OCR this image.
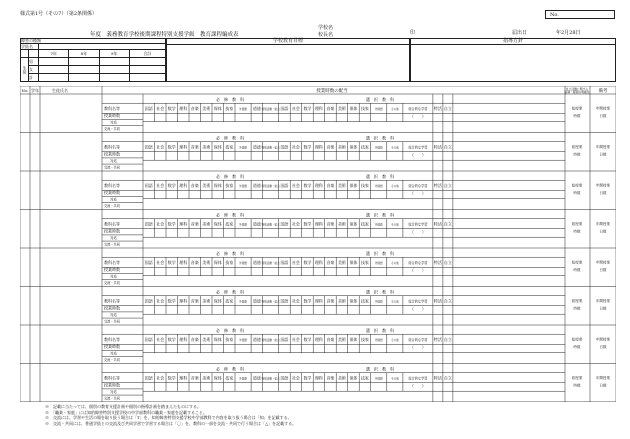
様式第1号（その7）（第2条関係）	No.
年度　義務教育学校後期課程特別支援学級　教育課程編成表
学校名
校長名	印	届出日	年2月28日
障害の種類					
学級名					
		7年	8年	9年	合計
生徒	男				
	女				
	計				
学校教育目標	指導方針
No. 学年	生徒氏名	授業時数の配当	自立活動に関する
指導・時間の明確化 備考
教科名等
授業時数
対応
交流・共同
必　修　教　科	選　択　教　科
国語 社会 数学 理科 音楽 美術 保体 技家 外国語 道徳 特別活動・総合 国語 社会 数学 理科 音楽 美術 保体 技家 外国語	その他	総合的な学習 特活 自立
（　　）
総授業
時数
年間授業
日数
教科名等
授業時数
対応
交流・共同
必　修　教　科	選　択　教　科
国語 社会 数学 理科 音楽 美術 保体 技家 外国語 道徳 特別活動・総合 国語 社会 数学 理科 音楽 美術 保体 技家 外国語	その他	総合的な学習 特活 自立
（　　）
総授業
時数
年間授業
日数
教科名等
授業時数
対応
交流・共同
必　修　教　科	選　択　教　科
国語 社会 数学 理科 音楽 美術 保体 技家 外国語 道徳 特別活動・総合 国語 社会 数学 理科 音楽 美術 保体 技家 外国語	その他	総合的な学習 特活 自立
（　　）
総授業
時数
年間授業
日数
教科名等
授業時数
対応
交流・共同
必　修　教　科	選　択　教　科
国語 社会 数学 理科 音楽 美術 保体 技家 外国語 道徳 特別活動・総合 国語 社会 数学 理科 音楽 美術 保体 技家 外国語	その他	総合的な学習 特活 自立
（　　）
総授業
時数
年間授業
日数
教科名等
授業時数
対応
交流・共同
必　修　教　科	選　択　教　科
国語 社会 数学 理科 音楽 美術 保体 技家 外国語 道徳 特別活動・総合 国語 社会 数学 理科 音楽 美術 保体 技家 外国語	その他	総合的な学習 特活 自立
（　　）
総授業
時数
年間授業
日数
教科名等
授業時数
対応
交流・共同
必　修　教　科	選　択　教　科
国語 社会 数学 理科 音楽 美術 保体 技家 外国語 道徳 特別活動・総合 国語 社会 数学 理科 音楽 美術 保体 技家 外国語	その他	総合的な学習 特活 自立
（　　）
総授業
時数
年間授業
日数
教科名等
授業時数
対応
交流・共同
必　修　教　科	選　択　教　科
国語 社会 数学 理科 音楽 美術 保体 技家 外国語 道徳 特別活動・総合 国語 社会 数学 理科 音楽 美術 保体 技家 外国語	その他	総合的な学習 特活 自立
（　　）
総授業
時数
年間授業
日数
教科名等
授業時数
対応
交流・共同
必　修　教　科	選　択　教　科
国語 社会 数学 理科 音楽 美術 保体 技家 外国語 道徳 特別活動・総合 国語 社会 数学 理科 音楽 美術 保体 技家 外国語	その他	総合的な学習 特活 自立
（　　）
総授業
時数
年間授業
日数
※　記載に当たっては、個別の教育支援計画や個別の指導計画を踏まえたものにする。
※　「職業・家庭」には知的障害特別支援学校の中学部教科の職業・家庭を記載すること。
※　交流には、学習や生活の場を取り扱う場合は「T」を、知的障害特別支援学校中学部教科で内容を取り扱う場合は「知」を記載する。
※　交流・共同には、普通学級との交流及び共同学習で学習する場合は「〇」を、教科の一部を交流・共同で行う場合は「△」を記載する。
